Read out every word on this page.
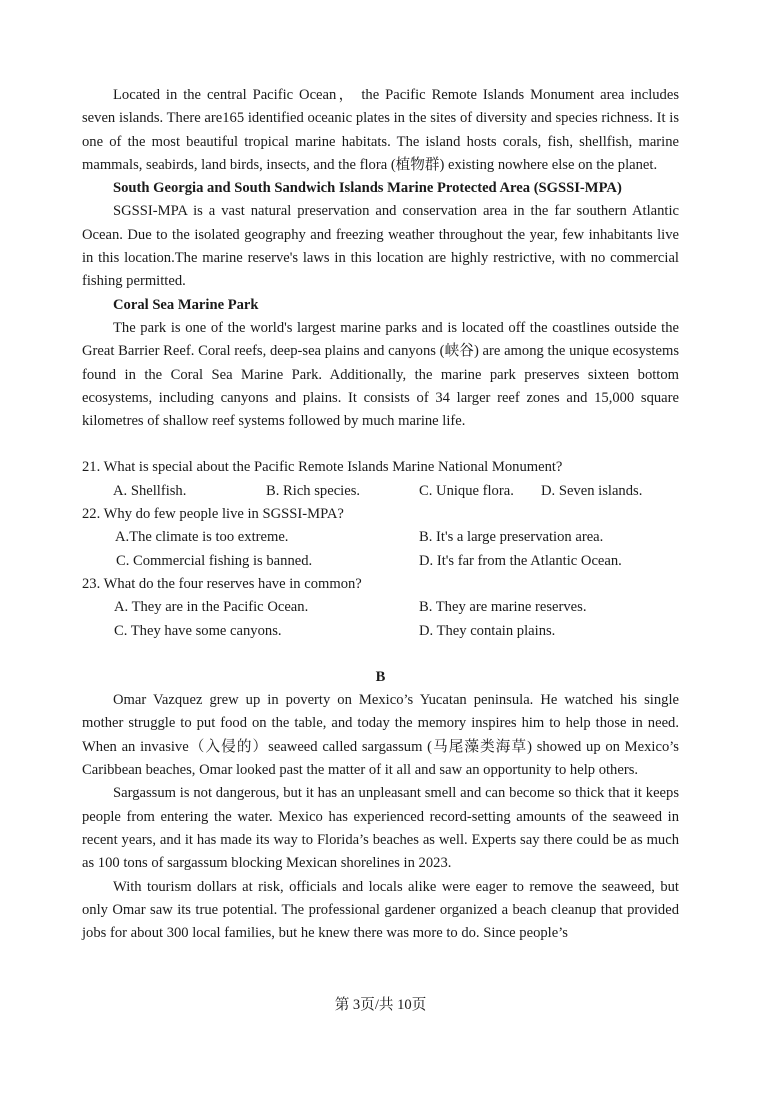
Located in the central Pacific Ocean， the Pacific Remote Islands Monument area includes seven islands. There are165 identified oceanic plates in the sites of diversity and species richness. It is one of the most beautiful tropical marine habitats. The island hosts corals, fish, shellfish, marine mammals, seabirds, land birds, insects, and the flora (植物群) existing nowhere else on the planet.

South Georgia and South Sandwich Islands Marine Protected Area (SGSSI-MPA)

SGSSI-MPA is a vast natural preservation and conservation area in the far southern Atlantic Ocean. Due to the isolated geography and freezing weather throughout the year, few inhabitants live in this location.The marine reserve's laws in this location are highly restrictive, with no commercial fishing permitted.

Coral Sea Marine Park

The park is one of the world's largest marine parks and is located off the coastlines outside the Great Barrier Reef. Coral reefs, deep-sea plains and canyons (峡谷) are among the unique ecosystems found in the Coral Sea Marine Park. Additionally, the marine park preserves sixteen bottom ecosystems, including canyons and plains. It consists of 34 larger reef zones and 15,000 square kilometres of shallow reef systems followed by much marine life.

21. What is special about the Pacific Remote Islands Marine National Monument?

A. Shellfish.	B. Rich species.	C. Unique flora. D. Seven islands.

22. Why do few people live in SGSSI-MPA?

A.The climate is too extreme.	B. It's a large preservation area.
C. Commercial fishing is banned.	D. It's far from the Atlantic Ocean.

23. What do the four reserves have in common?

A. They are in the Pacific Ocean.	B. They are marine reserves.
C. They have some canyons.	D. They contain plains.

B

Omar Vazquez grew up in poverty on Mexico’s Yucatan peninsula. He watched his single mother struggle to put food on the table, and today the memory inspires him to help those in need. When an invasive（入侵的）seaweed called sargassum (马尾藻类海草) showed up on Mexico’s Caribbean beaches, Omar looked past the matter of it all and saw an opportunity to help others.

Sargassum is not dangerous, but it has an unpleasant smell and can become so thick that it keeps people from entering the water. Mexico has experienced record-setting amounts of the seaweed in recent years, and it has made its way to Florida’s beaches as well. Experts say there could be as much as 100 tons of sargassum blocking Mexican shorelines in 2023.

With tourism dollars at risk, officials and locals alike were eager to remove the seaweed, but only Omar saw its true potential. The professional gardener organized a beach cleanup that provided jobs for about 300 local families, but he knew there was more to do. Since people’s

第 3页/共 10页
